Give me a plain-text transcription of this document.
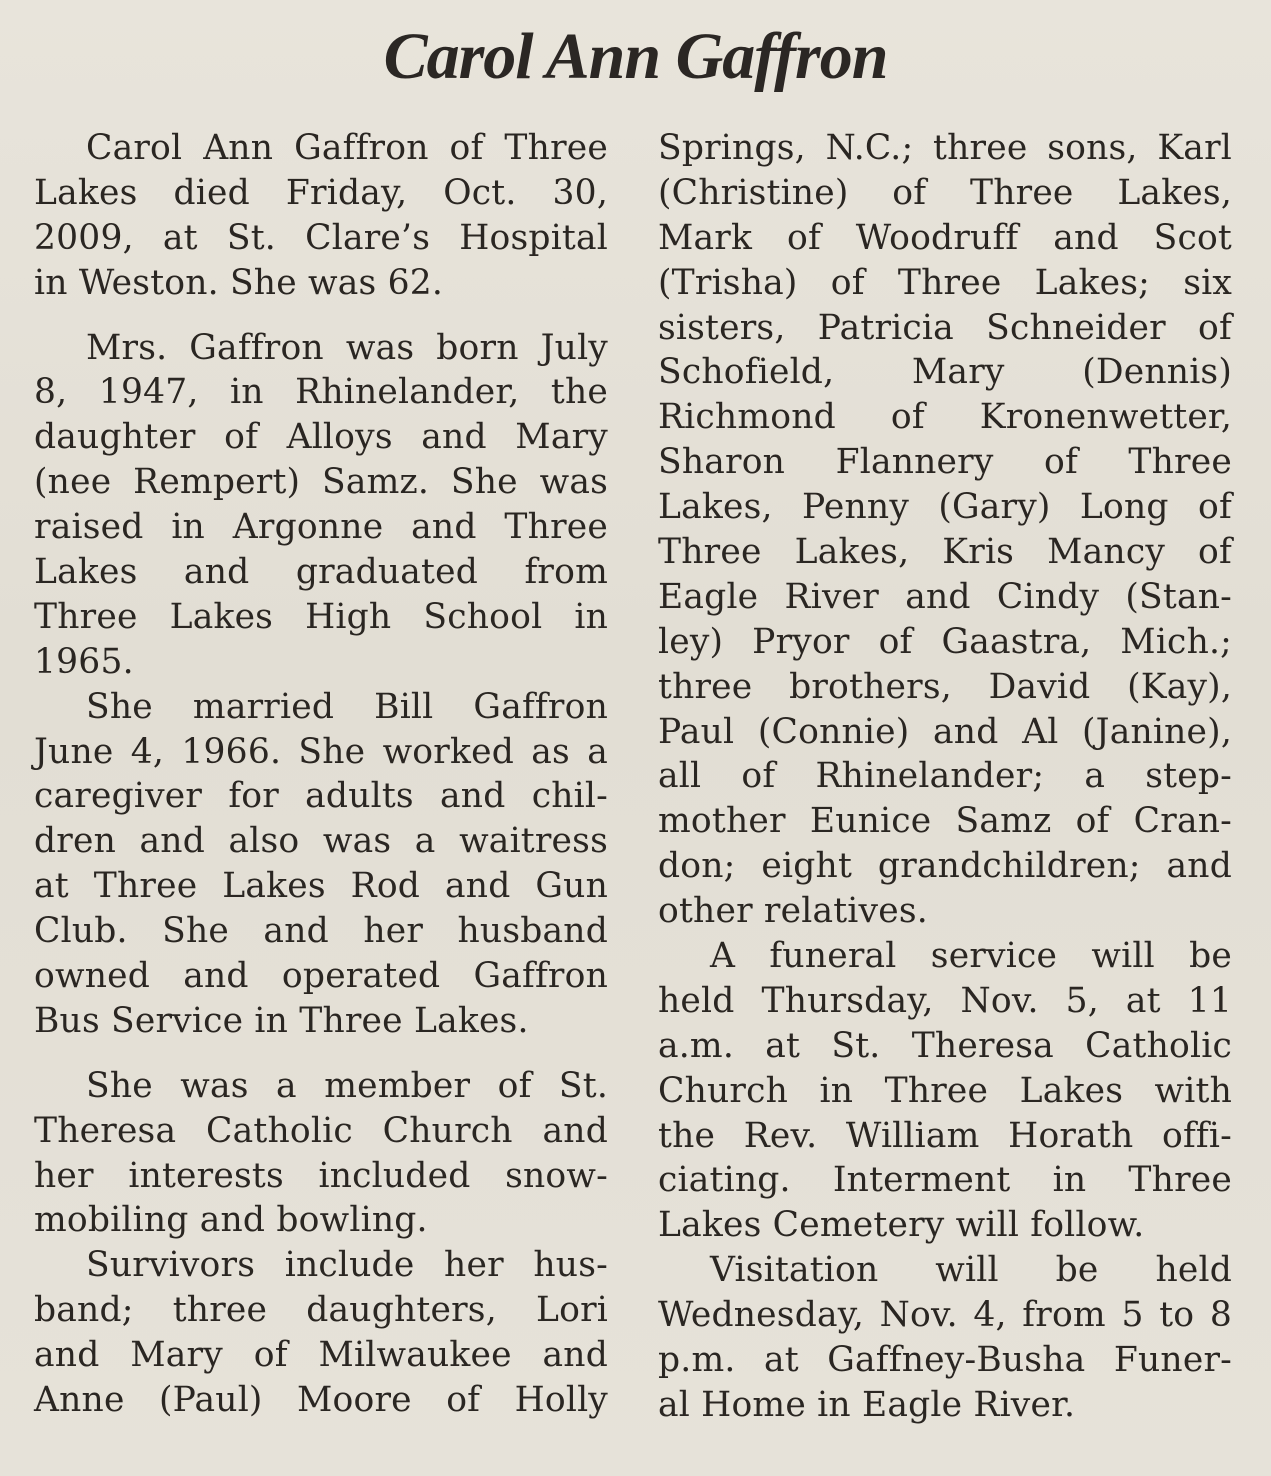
Carol Ann Gaffron
Carol Ann Gaffron of Three
Lakes died Friday, Oct. 30,
2009, at St. Clare’s Hospital
in Weston. She was 62.
Mrs. Gaffron was born July
8, 1947, in Rhinelander, the
daughter of Alloys and Mary
(nee Rempert) Samz. She was
raised in Argonne and Three
Lakes and graduated from
Three Lakes High School in
1965.
She married Bill Gaffron
June 4, 1966. She worked as a
caregiver for adults and chil-
dren and also was a waitress
at Three Lakes Rod and Gun
Club. She and her husband
owned and operated Gaffron
Bus Service in Three Lakes.
She was a member of St.
Theresa Catholic Church and
her interests included snow-
mobiling and bowling.
Survivors include her hus-
band; three daughters, Lori
and Mary of Milwaukee and
Anne (Paul) Moore of Holly
Springs, N.C.; three sons, Karl
(Christine) of Three Lakes,
Mark of Woodruff and Scot
(Trisha) of Three Lakes; six
sisters, Patricia Schneider of
Schofield, Mary (Dennis)
Richmond of Kronenwetter,
Sharon Flannery of Three
Lakes, Penny (Gary) Long of
Three Lakes, Kris Mancy of
Eagle River and Cindy (Stan-
ley) Pryor of Gaastra, Mich.;
three brothers, David (Kay),
Paul (Connie) and Al (Janine),
all of Rhinelander; a step-
mother Eunice Samz of Cran-
don; eight grandchildren; and
other relatives.
A funeral service will be
held Thursday, Nov. 5, at 11
a.m. at St. Theresa Catholic
Church in Three Lakes with
the Rev. William Horath offi-
ciating. Interment in Three
Lakes Cemetery will follow.
Visitation will be held
Wednesday, Nov. 4, from 5 to 8
p.m. at Gaffney-Busha Funer-
al Home in Eagle River.
